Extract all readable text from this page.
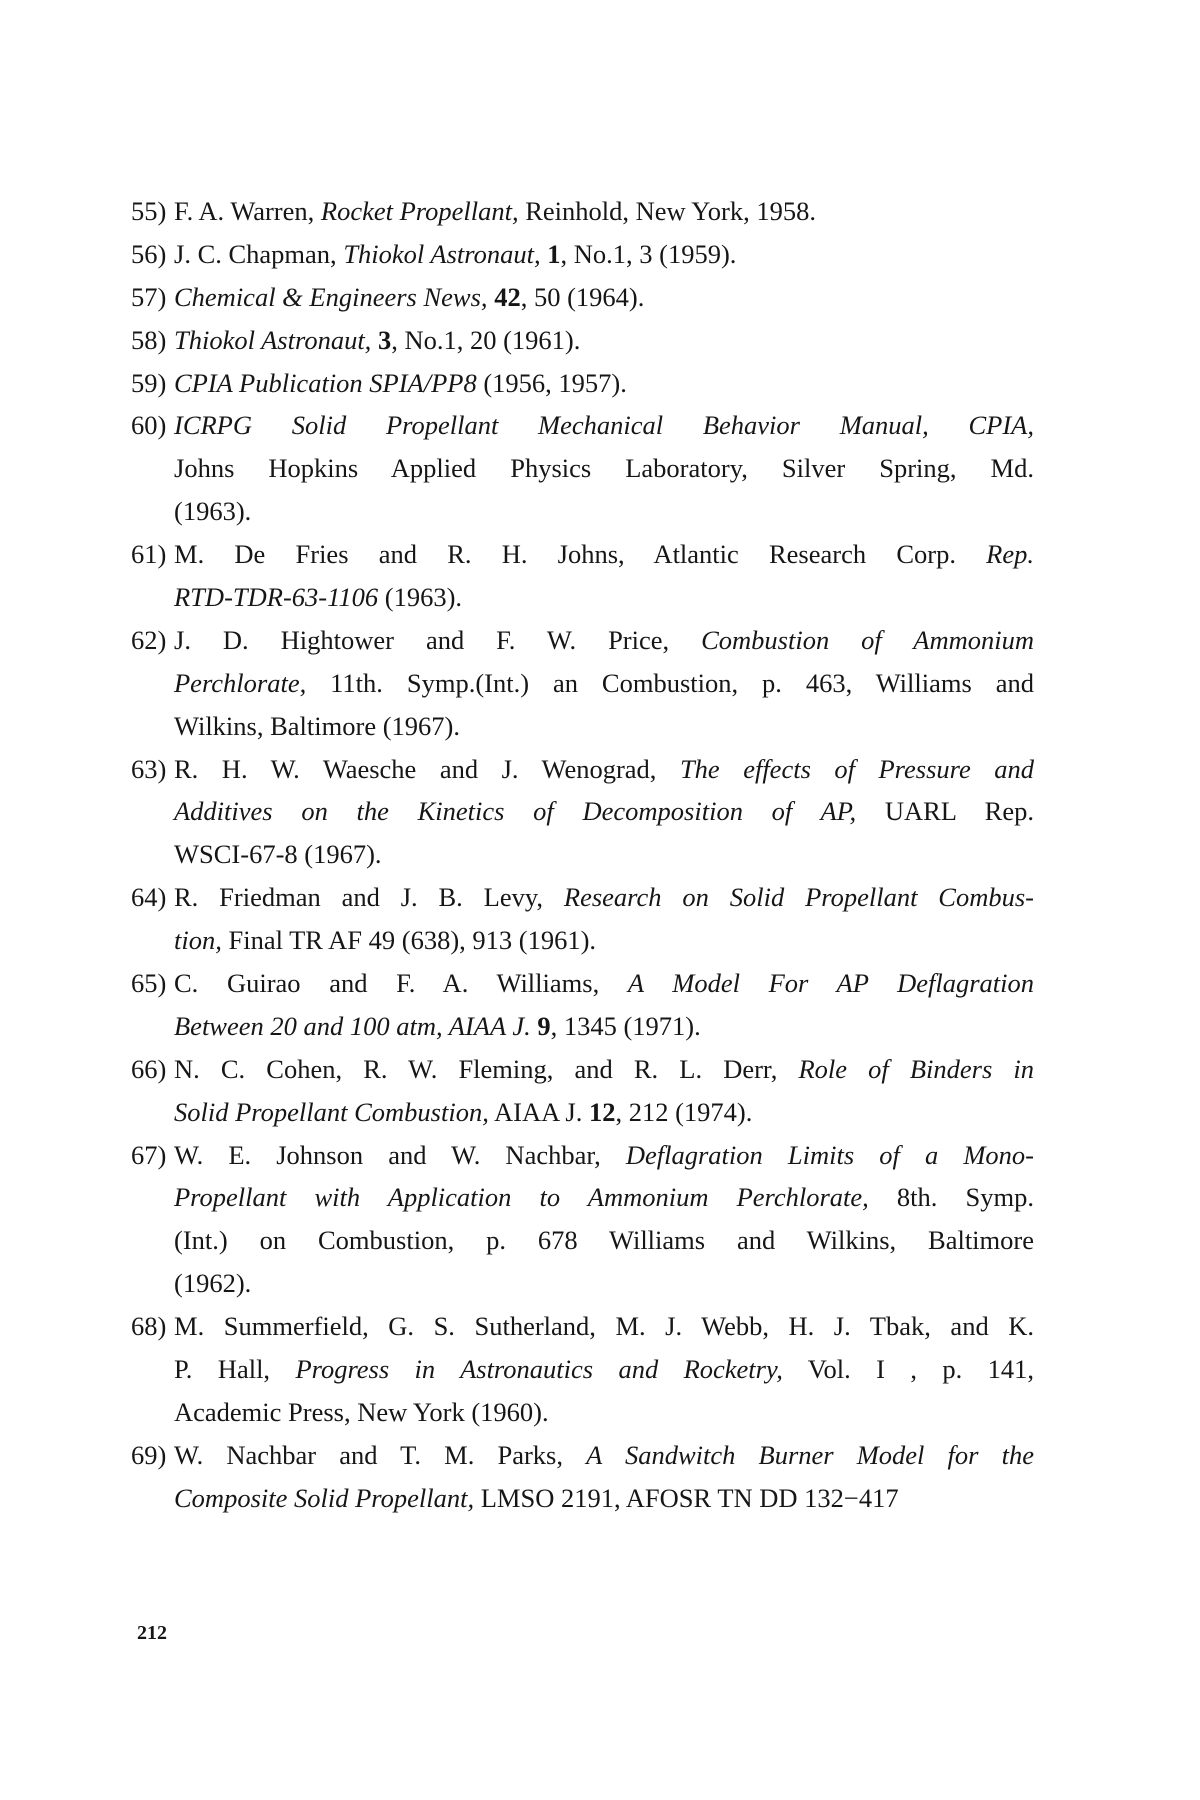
55) F. A. Warren, Rocket Propellant, Reinhold, New York, 1958.
56) J. C. Chapman, Thiokol Astronaut, 1, No.1, 3 (1959).
57) Chemical & Engineers News, 42, 50 (1964).
58) Thiokol Astronaut, 3, No.1, 20 (1961).
59) CPIA Publication SPIA/PP8 (1956, 1957).
60) ICRPG Solid Propellant Mechanical Behavior Manual, CPIA,
Johns Hopkins Applied Physics Laboratory, Silver Spring, Md.
(1963).
61) M. De Fries and R. H. Johns, Atlantic Research Corp. Rep.
RTD-TDR-63-1106 (1963).
62) J. D. Hightower and F. W. Price, Combustion of Ammonium
Perchlorate, 11th. Symp.(Int.) an Combustion, p. 463, Williams and
Wilkins, Baltimore (1967).
63) R. H. W. Waesche and J. Wenograd, The effects of Pressure and
Additives on the Kinetics of Decomposition of AP, UARL Rep.
WSCI-67-8 (1967).
64) R. Friedman and J. B. Levy, Research on Solid Propellant Combus-
tion, Final TR AF 49 (638), 913 (1961).
65) C. Guirao and F. A. Williams, A Model For AP Deflagration
Between 20 and 100 atm, AIAA J. 9, 1345 (1971).
66) N. C. Cohen, R. W. Fleming, and R. L. Derr, Role of Binders in
Solid Propellant Combustion, AIAA J. 12, 212 (1974).
67) W. E. Johnson and W. Nachbar, Deflagration Limits of a Mono-
Propellant with Application to Ammonium Perchlorate, 8th. Symp.
(Int.) on Combustion, p. 678 Williams and Wilkins, Baltimore
(1962).
68) M. Summerfield, G. S. Sutherland, M. J. Webb, H. J. Tbak, and K.
P. Hall, Progress in Astronautics and Rocketry, Vol. I , p. 141,
Academic Press, New York (1960).
69) W. Nachbar and T. M. Parks, A Sandwitch Burner Model for the
Composite Solid Propellant, LMSO 2191, AFOSR TN DD 132−417
212
